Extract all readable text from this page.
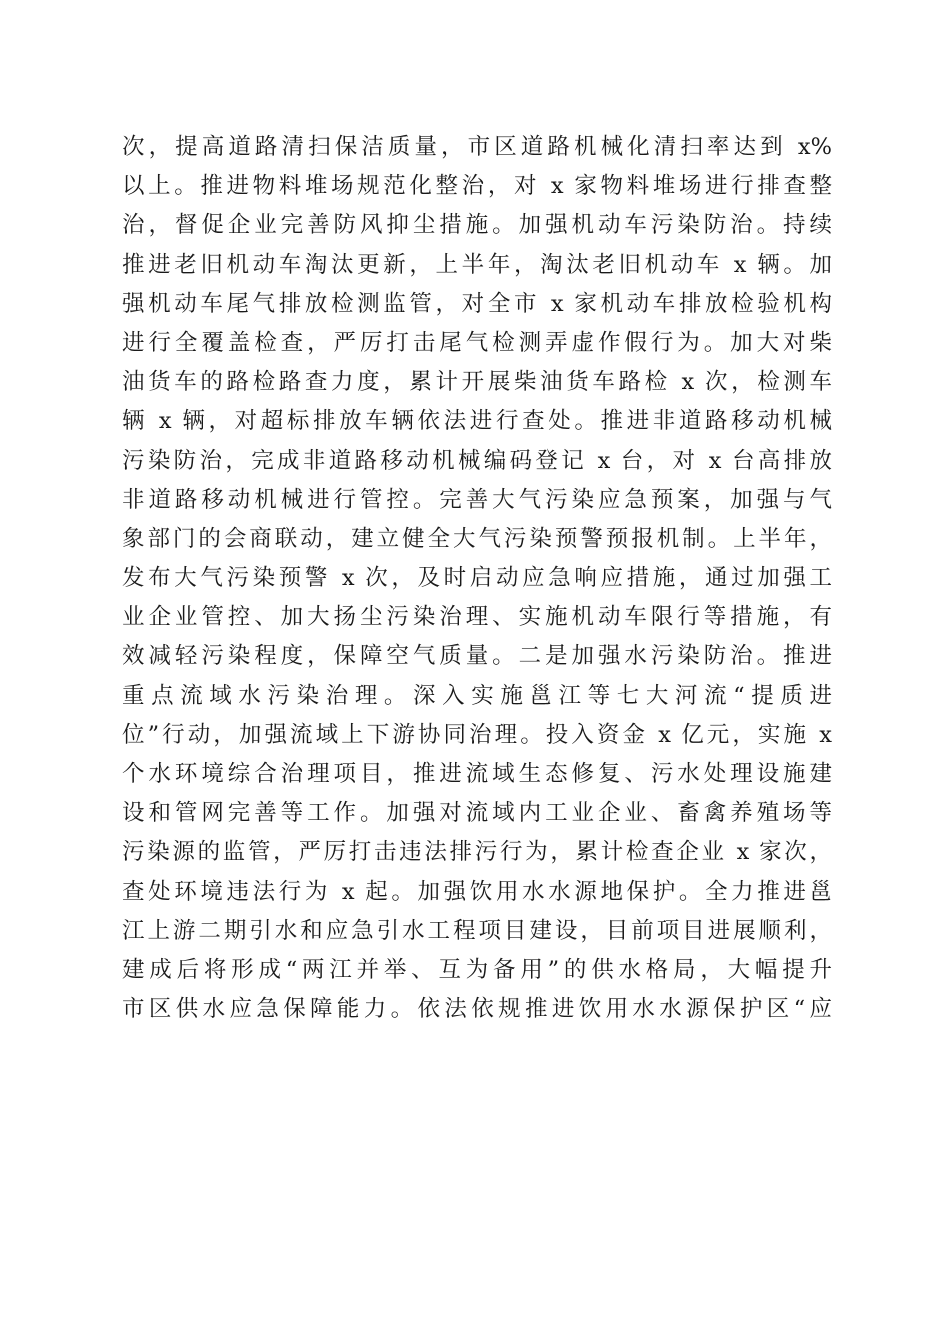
次，提高道路清扫保洁质量，市区道路机械化清扫率达到 x%
以上。推进物料堆场规范化整治，对 x 家物料堆场进行排查整
治，督促企业完善防风抑尘措施。加强机动车污染防治。持续
推进老旧机动车淘汰更新，上半年，淘汰老旧机动车 x 辆。加
强机动车尾气排放检测监管，对全市 x 家机动车排放检验机构
进行全覆盖检查，严厉打击尾气检测弄虚作假行为。加大对柴
油货车的路检路查力度，累计开展柴油货车路检 x 次，检测车
辆 x 辆，对超标排放车辆依法进行查处。推进非道路移动机械
污染防治，完成非道路移动机械编码登记 x 台，对 x 台高排放
非道路移动机械进行管控。完善大气污染应急预案，加强与气
象部门的会商联动，建立健全大气污染预警预报机制。上半年，
发布大气污染预警 x 次，及时启动应急响应措施，通过加强工
业企业管控、加大扬尘污染治理、实施机动车限行等措施，有
效减轻污染程度，保障空气质量。二是加强水污染防治。推进
重点流域水污染治理。深入实施邕江等七大河流“提质进
位”行动，加强流域上下游协同治理。投入资金 x 亿元，实施 x
个水环境综合治理项目，推进流域生态修复、污水处理设施建
设和管网完善等工作。加强对流域内工业企业、畜禽养殖场等
污染源的监管，严厉打击违法排污行为，累计检查企业 x 家次，
查处环境违法行为 x 起。加强饮用水水源地保护。全力推进邕
江上游二期引水和应急引水工程项目建设，目前项目进展顺利，
建成后将形成“两江并举、互为备用”的供水格局，大幅提升
市区供水应急保障能力。依法依规推进饮用水水源保护区“应
